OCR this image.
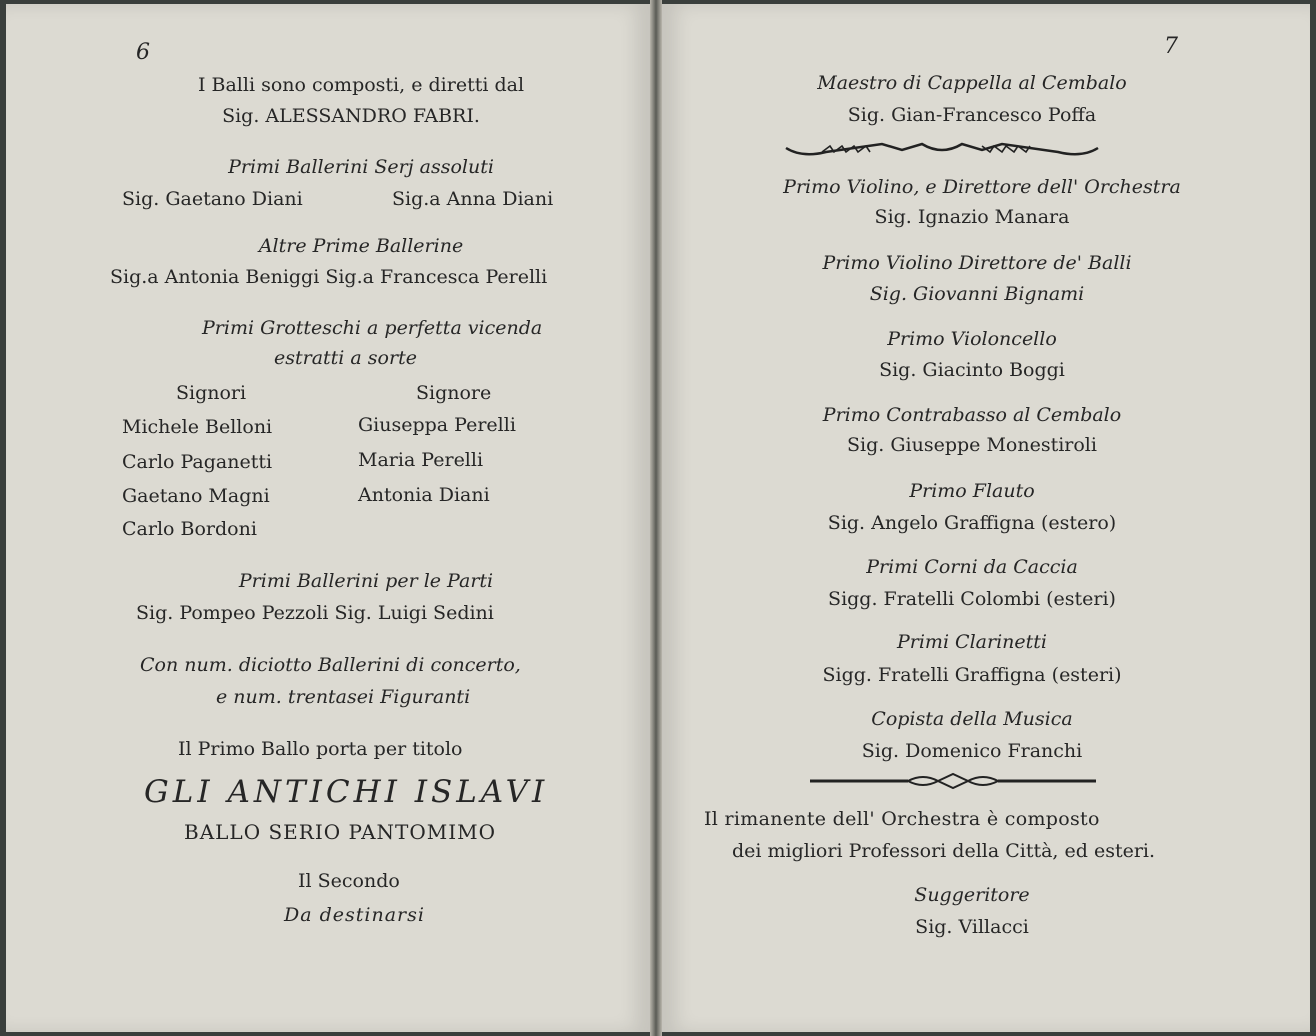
6
I Balli sono composti, e diretti dal
Sig. ALESSANDRO FABRI.
Primi Ballerini Serj assoluti
Sig. Gaetano Diani	Sig.a Anna Diani
Altre Prime Ballerine
Sig.a Antonia Beniggi Sig.a Francesca Perelli
Primi Grotteschi a perfetta vicenda
estratti a sorte
Signori	Signore
Michele Belloni
Carlo Paganetti
Gaetano Magni
Carlo Bordoni
Giuseppa Perelli
Maria Perelli
Antonia Diani
Primi Ballerini per le Parti
Sig. Pompeo Pezzoli Sig. Luigi Sedini
Con num. diciotto Ballerini di concerto,
e num. trentasei Figuranti
Il Primo Ballo porta per titolo
GLI ANTICHI ISLAVI
BALLO SERIO PANTOMIMO
Il Secondo
Da destinarsi
7
Maestro di Cappella al Cembalo
Sig. Gian-Francesco Poffa
Primo Violino, e Direttore dell' Orchestra
Sig. Ignazio Manara
Primo Violino Direttore de' Balli
Sig. Giovanni Bignami
Primo Violoncello
Sig. Giacinto Boggi
Primo Contrabasso al Cembalo
Sig. Giuseppe Monestiroli
Primo Flauto
Sig. Angelo Graffigna (estero)
Primi Corni da Caccia
Sigg. Fratelli Colombi (esteri)
Primi Clarinetti
Sigg. Fratelli Graffigna (esteri)
Copista della Musica
Sig. Domenico Franchi
Il rimanente dell' Orchestra è composto
dei migliori Professori della Città, ed esteri.
Suggeritore
Sig. Villacci
